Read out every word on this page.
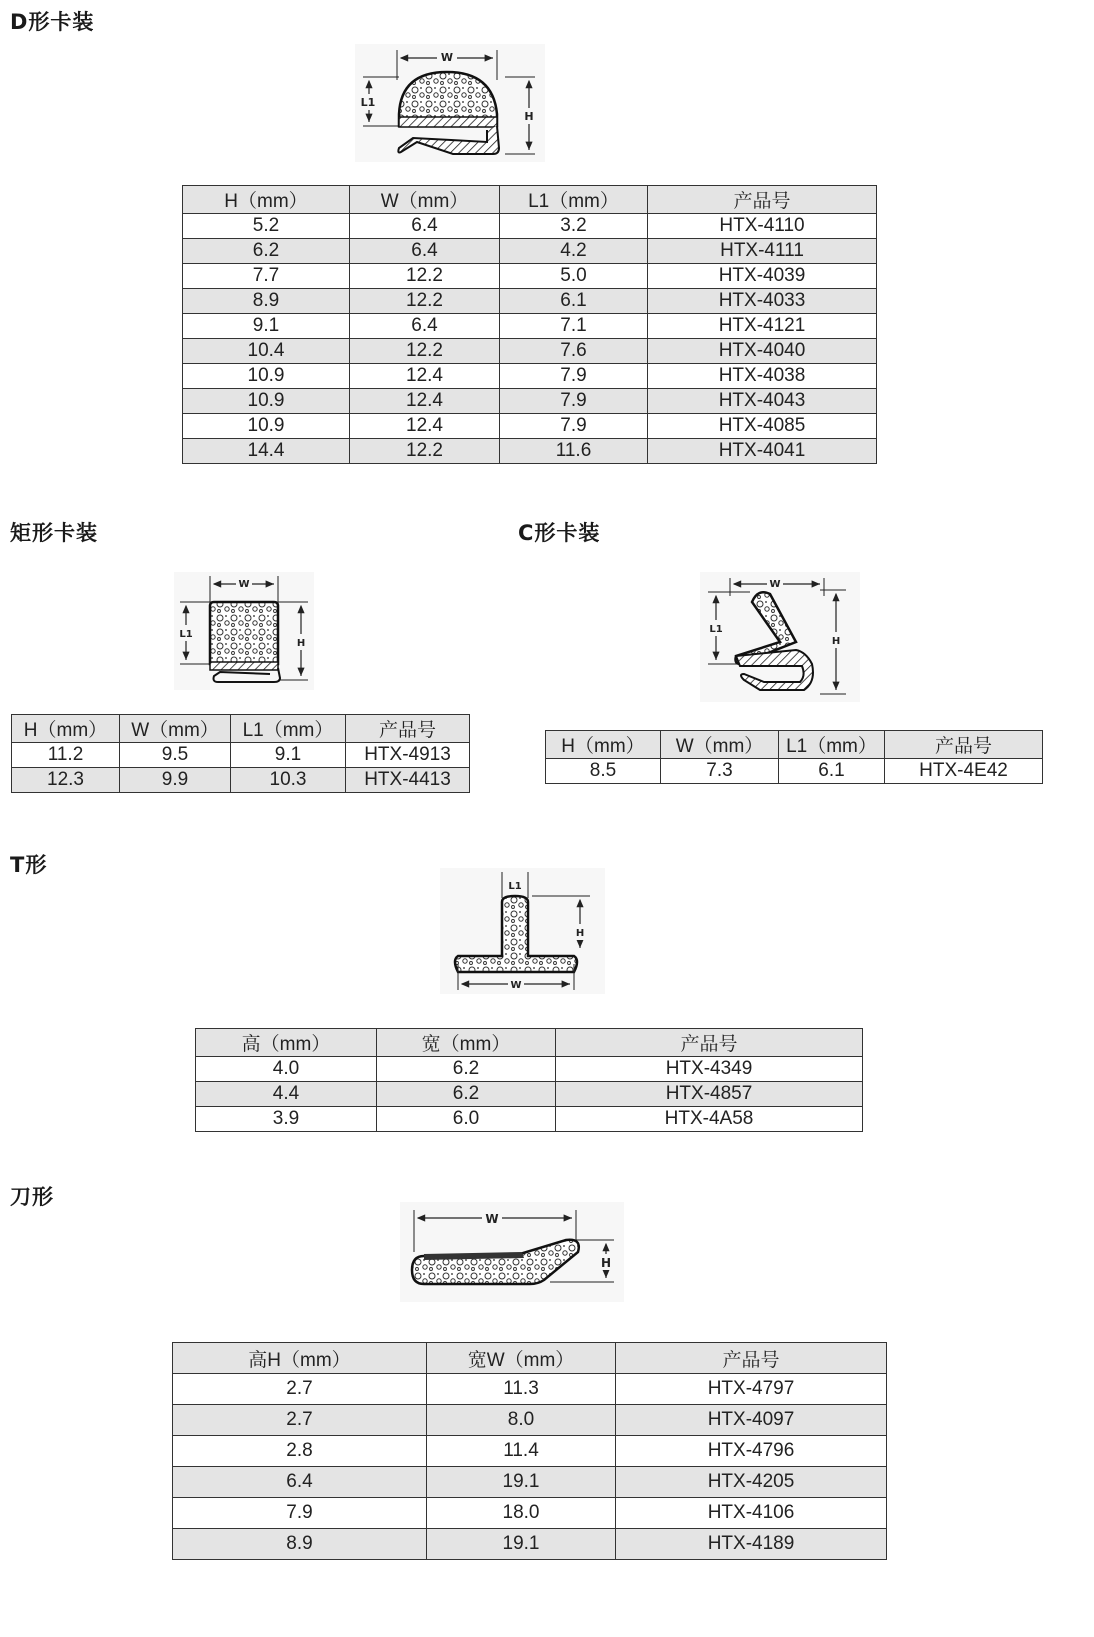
D形卡装
W
L1
H
H（mm）	W（mm）	L1（mm）	产品号
5.2	6.4	3.2	HTX-4110
6.2	6.4	4.2	HTX-4111
7.7	12.2	5.0	HTX-4039
8.9	12.2	6.1	HTX-4033
9.1	6.4	7.1	HTX-4121
10.4	12.2	7.6	HTX-4040
10.9	12.4	7.9	HTX-4038
10.9	12.4	7.9	HTX-4043
10.9	12.4	7.9	HTX-4085
14.4	12.2	11.6	HTX-4041
矩形卡装
W
L1
H
H（mm）	W（mm）	L1（mm）	产品号
11.2	9.5	9.1	HTX-4913
12.3	9.9	10.3	HTX-4413
C形卡装
W
L1
H
H（mm）	W（mm）	L1（mm）	产品号
8.5	7.3	6.1	HTX-4E42
T形
L1
H
W
高（mm）	宽（mm）	产品号
4.0	6.2	HTX-4349
4.4	6.2	HTX-4857
3.9	6.0	HTX-4A58
刀形
W
H
高H（mm）	宽W（mm）	产品号
2.7	11.3	HTX-4797
2.7	8.0	HTX-4097
2.8	11.4	HTX-4796
6.4	19.1	HTX-4205
7.9	18.0	HTX-4106
8.9	19.1	HTX-4189
